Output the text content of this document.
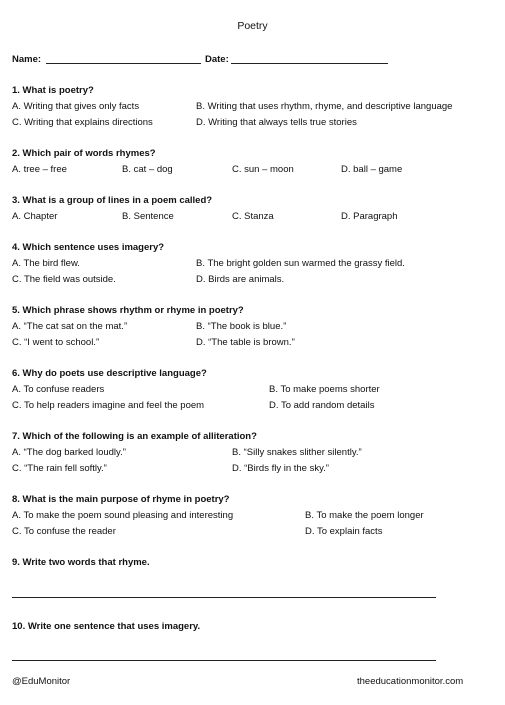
Poetry
Name:	Date:
1. What is poetry?
A. Writing that gives only facts	B. Writing that uses rhythm, rhyme, and descriptive language
C. Writing that explains directions	D. Writing that always tells true stories
2. Which pair of words rhymes?
A. tree – free	B. cat – dog	C. sun – moon	D. ball – game
3. What is a group of lines in a poem called?
A. Chapter	B. Sentence	C. Stanza	D. Paragraph
4. Which sentence uses imagery?
A. The bird flew.	B. The bright golden sun warmed the grassy field.
C. The field was outside.	D. Birds are animals.
5. Which phrase shows rhythm or rhyme in poetry?
A. “The cat sat on the mat.”	B. “The book is blue.”
C. “I went to school.”	D. “The table is brown.”
6. Why do poets use descriptive language?
A. To confuse readers	B. To make poems shorter
C. To help readers imagine and feel the poem	D. To add random details
7. Which of the following is an example of alliteration?
A. “The dog barked loudly.”	B. “Silly snakes slither silently.”
C. “The rain fell softly.”	D. “Birds fly in the sky.”
8. What is the main purpose of rhyme in poetry?
A. To make the poem sound pleasing and interesting	B. To make the poem longer
C. To confuse the reader	D. To explain facts
9. Write two words that rhyme.
10. Write one sentence that uses imagery.
@EduMonitor	theeducationmonitor.com
